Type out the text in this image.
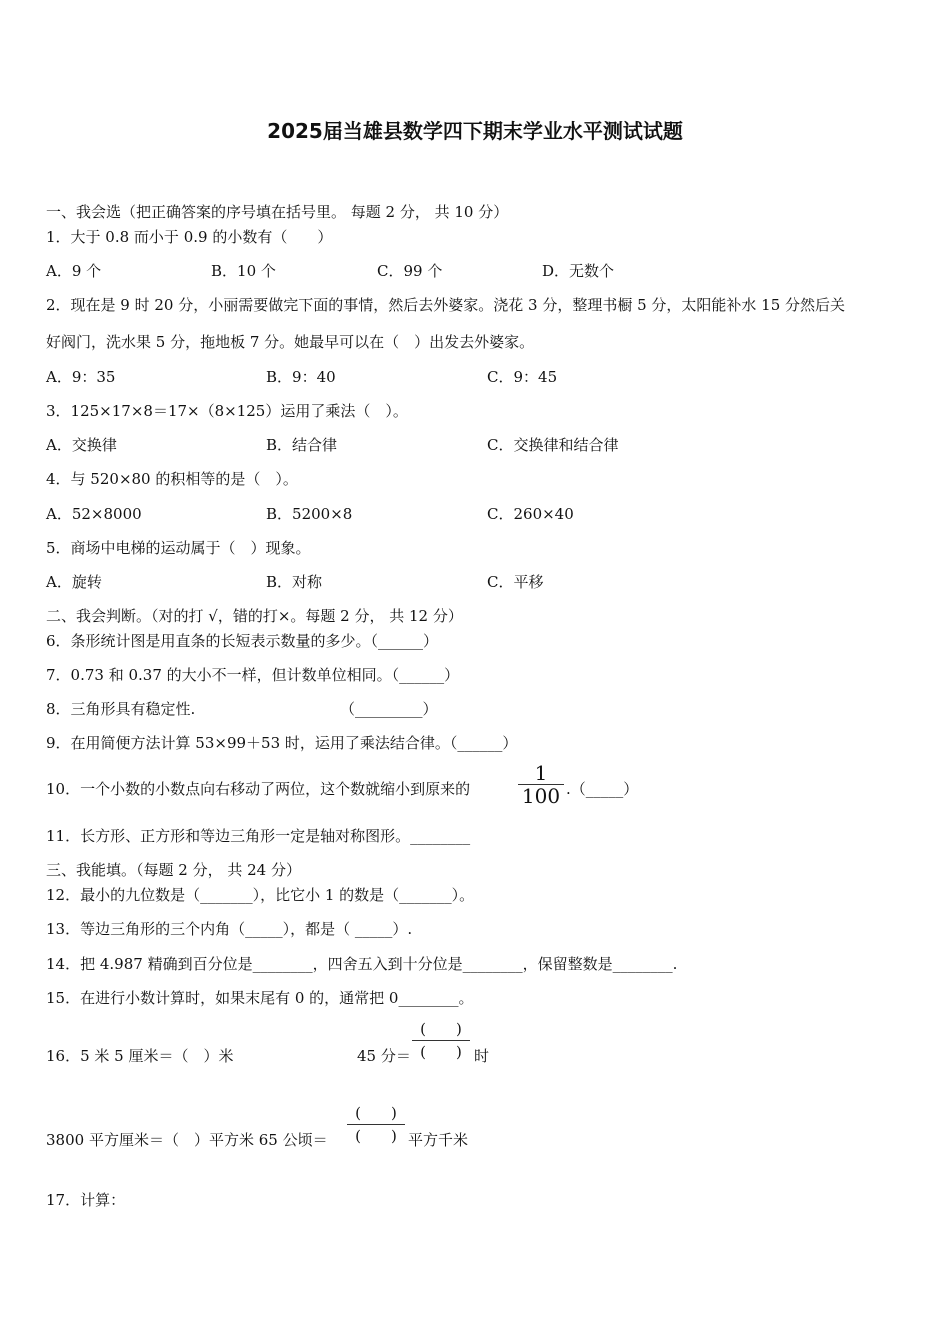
2025届当雄县数学四下期末学业水平测试试题
一、我会选（把正确答案的序号填在括号里。 每题 2 分， 共 10 分）
1．大于 0.8 而小于 0.9 的小数有（　　）
A．9 个	B．10 个	C．99 个	D．无数个
2．现在是 9 时 20 分，小丽需要做完下面的事情，然后去外婆家。浇花 3 分，整理书橱 5 分，太阳能补水 15 分然后关
好阀门，洗水果 5 分，拖地板 7 分。她最早可以在（　）出发去外婆家。
A．9：35	B．9：40	C．9：45
3．125×17×8＝17×（8×125）运用了乘法（　）。
A．交换律	B．结合律	C．交换律和结合律
4．与 520×80 的积相等的是（　）。
A．52×8000	B．5200×8	C．260×40
5．商场中电梯的运动属于（　）现象。
A．旋转	B．对称	C．平移
二、我会判断。（对的打 √，错的打×。每题 2 分， 共 12 分）
6．条形统计图是用直条的长短表示数量的多少。（______）
7．0.73 和 0.37 的大小不一样，但计数单位相同。（______）
8．三角形具有稳定性.	（_________）
9．在用简便方法计算 53×99＋53 时，运用了乘法结合律。（______）
10．一个小数的小数点向右移动了两位，这个数就缩小到原来的
1
100 .（_____）
11．长方形、正方形和等边三角形一定是轴对称图形。________
三、我能填。（每题 2 分， 共 24 分）
12．最小的九位数是（_______），比它小 1 的数是（_______）。
13．等边三角形的三个内角（_____），都是（ _____）.
14．把 4.987 精确到百分位是________，四舍五入到十分位是________，保留整数是________.
15．在进行小数计算时，如果末尾有 0 的，通常把 0________。
16．5 米 5 厘米＝（　）米	45 分＝
(　　)
(　　) 时
3800 平方厘米＝（　）平方米 65 公顷＝
(　　)
(　　) 平方千米
17．计算：
